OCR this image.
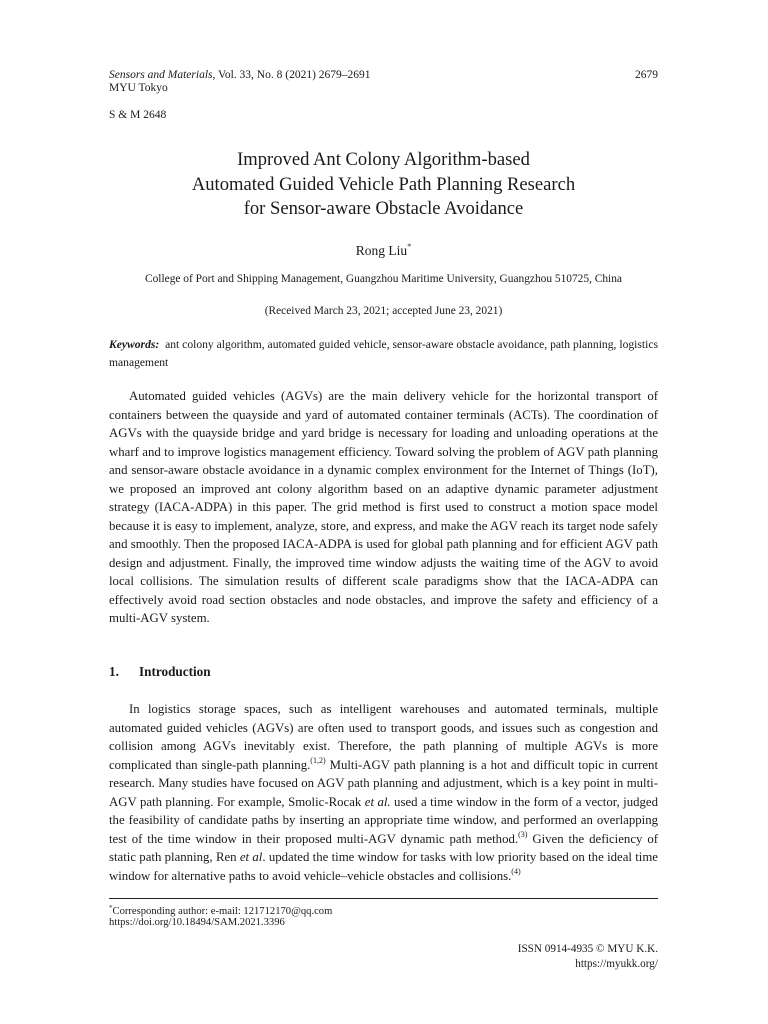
Sensors and Materials, Vol. 33, No. 8 (2021) 2679–2691
MYU Tokyo
2679
S & M 2648
Improved Ant Colony Algorithm-based
Automated Guided Vehicle Path Planning Research
for Sensor-aware Obstacle Avoidance
Rong Liu*
College of Port and Shipping Management, Guangzhou Maritime University, Guangzhou 510725, China
(Received March 23, 2021; accepted June 23, 2021)
Keywords: ant colony algorithm, automated guided vehicle, sensor-aware obstacle avoidance, path planning, logistics management

Automated guided vehicles (AGVs) are the main delivery vehicle for the horizontal transport of containers between the quayside and yard of automated container terminals (ACTs). The coordination of AGVs with the quayside bridge and yard bridge is necessary for loading and unloading operations at the wharf and to improve logistics management efficiency. Toward solving the problem of AGV path planning and sensor-aware obstacle avoidance in a dynamic complex environment for the Internet of Things (IoT), we proposed an improved ant colony algorithm based on an adaptive dynamic parameter adjustment strategy (IACA-ADPA) in this paper. The grid method is first used to construct a motion space model because it is easy to implement, analyze, store, and express, and make the AGV reach its target node safely and smoothly. Then the proposed IACA-ADPA is used for global path planning and for efficient AGV path design and adjustment. Finally, the improved time window adjusts the waiting time of the AGV to avoid local collisions. The simulation results of different scale paradigms show that the IACA-ADPA can effectively avoid road section obstacles and node obstacles, and improve the safety and efficiency of a multi-AGV system.

1. Introduction

In logistics storage spaces, such as intelligent warehouses and automated terminals, multiple automated guided vehicles (AGVs) are often used to transport goods, and issues such as congestion and collision among AGVs inevitably exist. Therefore, the path planning of multiple AGVs is more complicated than single-path planning.$^{(1,2)}$ Multi-AGV path planning is a hot and difficult topic in current research. Many studies have focused on AGV path planning and adjustment, which is a key point in multi-AGV path planning. For example, Smolic-Rocak et al. used a time window in the form of a vector, judged the feasibility of candidate paths by inserting an appropriate time window, and performed an overlapping test of the time window in their proposed multi-AGV dynamic path method.$^{(3)}$ Given the deficiency of static path planning, Ren et al. updated the time window for tasks with low priority based on the ideal time window for alternative paths to avoid vehicle–vehicle obstacles and collisions.$^{(4)}$

*Corresponding author: e-mail: 121712170@qq.com
https://doi.org/10.18494/SAM.2021.3396
ISSN 0914-4935 © MYU K.K.
https://myukk.org/
